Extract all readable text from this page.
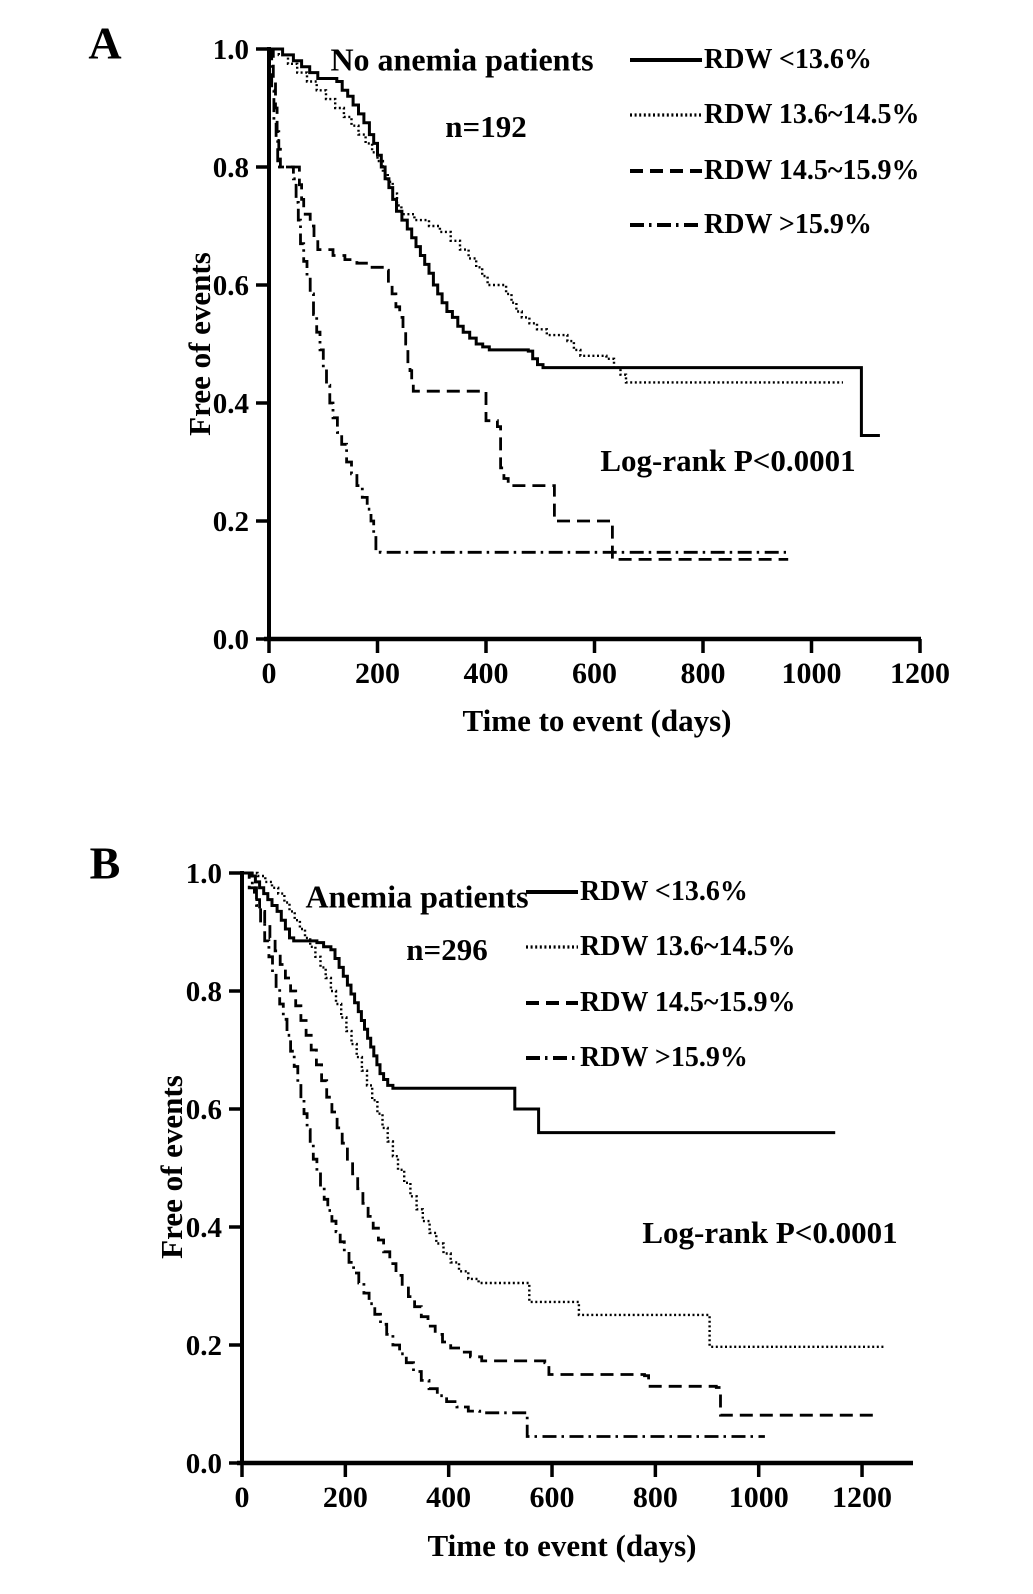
0	200 400 600 800 1000 1200
0.0
0.2
0.4
0.6
0.8
1.0
0 200 400 600 800 1000 1200
0.0
0.2
0.4
0.6
0.8
1.0
A	No anemia patients
n=192
Log-rank P<0.0001
Free of events
Time to event (days)
RDW <13.6%
RDW 13.6~14.5%
RDW 14.5~15.9%
RDW >15.9%
B
Anemia patients
n=296
Log-rank P<0.0001
Free of events
Time to event (days)
RDW <13.6%
RDW 13.6~14.5%
RDW 14.5~15.9%
RDW >15.9%
